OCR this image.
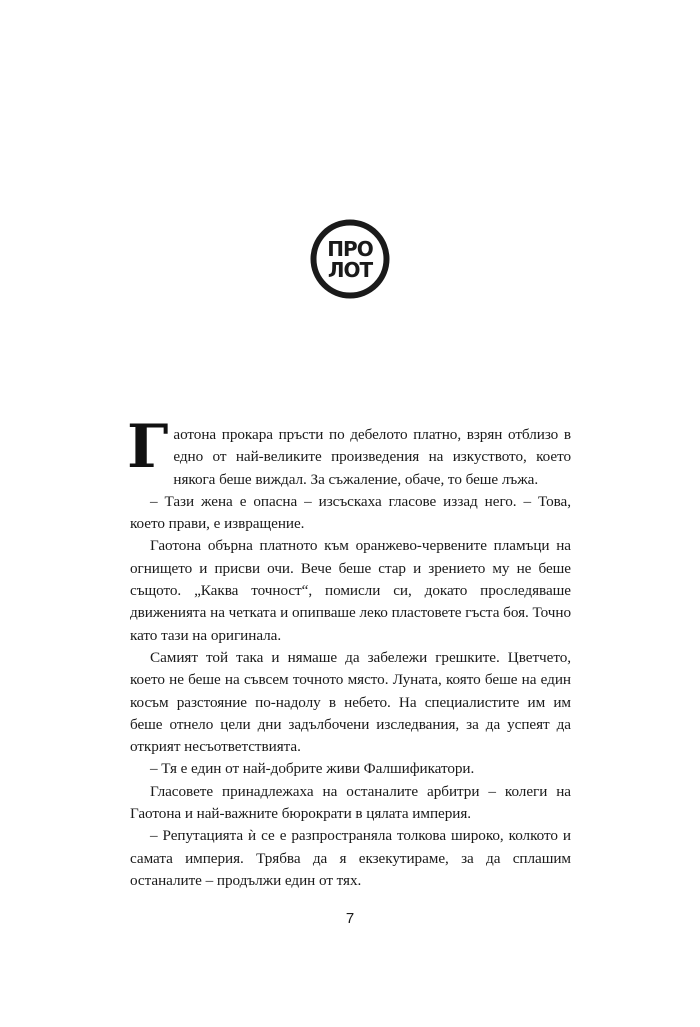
ПРО
ЛОТ

Гаотона прокара пръсти по дебелото платно, взрян отблизо в едно от най-великите произведения на изкуството, което някога беше виждал. За съжаление, обаче, то беше лъжа.

– Тази жена е опасна – изсъскаха гласове иззад него. – Това, което прави, е извращение.

Гаотона обърна платното към оранжево-червените пламъци на огнището и присви очи. Вече беше стар и зрението му не беше същото. „Каква точност“, помисли си, докато проследяваше движенията на четката и опипваше леко пластовете гъста боя. Точно като тази на оригинала.

Самият той така и нямаше да забележи грешките. Цветчето, което не беше на съвсем точното място. Луната, която беше на един косъм разстояние по-надолу в небето. На специалистите им им беше отнело цели дни задълбочени изследвания, за да успеят да открият несъответствията.

– Тя е един от най-добрите живи Фалшификатори.

Гласовете принадлежаха на останалите арбитри – колеги на Гаотона и най-важните бюрократи в цялата империя.

– Репутацията ѝ се е разпространяла толкова широко, колкото и самата империя. Трябва да я екзекутираме, за да сплашим останалите – продължи един от тях.

7
